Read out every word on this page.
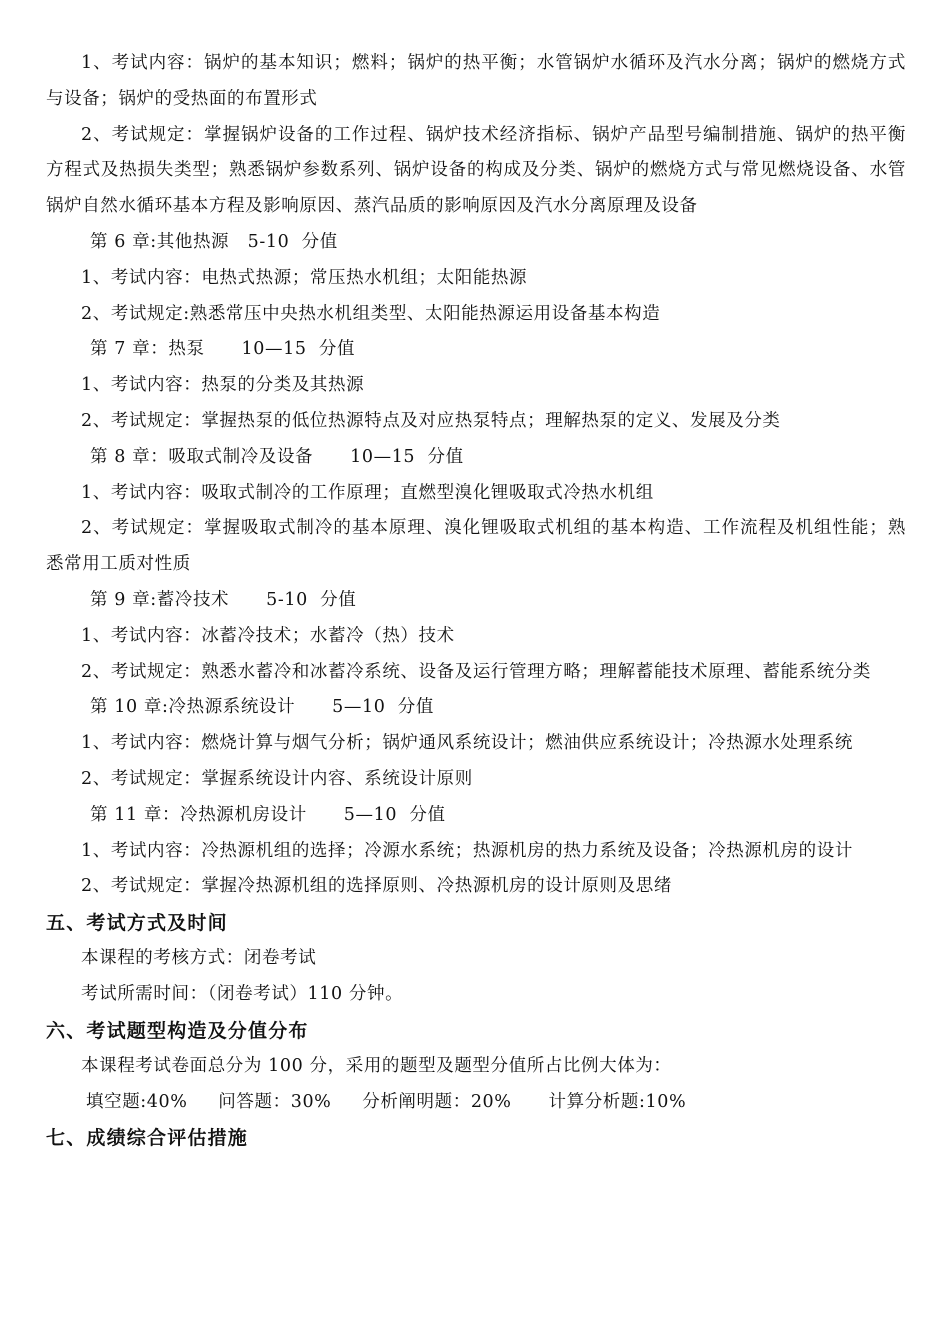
1、考试内容：锅炉的基本知识；燃料；锅炉的热平衡；水管锅炉水循环及汽水分离；锅炉的燃烧方式与设备；锅炉的受热面的布置形式

2、考试规定：掌握锅炉设备的工作过程、锅炉技术经济指标、锅炉产品型号编制措施、锅炉的热平衡方程式及热损失类型；熟悉锅炉参数系列、锅炉设备的构成及分类、锅炉的燃烧方式与常见燃烧设备、水管锅炉自然水循环基本方程及影响原因、蒸汽品质的影响原因及汽水分离原理及设备

第 6 章:其他热源   5-10  分值

1、考试内容：电热式热源；常压热水机组；太阳能热源

2、考试规定:熟悉常压中央热水机组类型、太阳能热源运用设备基本构造

第 7 章：热泵      10—15  分值

1、考试内容：热泵的分类及其热源

2、考试规定：掌握热泵的低位热源特点及对应热泵特点；理解热泵的定义、发展及分类

第 8 章：吸取式制冷及设备      10—15  分值

1、考试内容：吸取式制冷的工作原理；直燃型溴化锂吸取式冷热水机组

2、考试规定：掌握吸取式制冷的基本原理、溴化锂吸取式机组的基本构造、工作流程及机组性能；熟悉常用工质对性质

第 9 章:蓄冷技术      5-10  分值

1、考试内容：冰蓄冷技术；水蓄冷（热）技术

2、考试规定：熟悉水蓄冷和冰蓄冷系统、设备及运行管理方略；理解蓄能技术原理、蓄能系统分类

第 10 章:冷热源系统设计      5—10  分值

1、考试内容：燃烧计算与烟气分析；锅炉通风系统设计；燃油供应系统设计；冷热源水处理系统

2、考试规定：掌握系统设计内容、系统设计原则

第 11 章：冷热源机房设计      5—10  分值

1、考试内容：冷热源机组的选择；冷源水系统；热源机房的热力系统及设备；冷热源机房的设计

2、考试规定：掌握冷热源机组的选择原则、冷热源机房的设计原则及思绪

五、考试方式及时间

本课程的考核方式：闭卷考试

考试所需时间：（闭卷考试）110 分钟。

六、考试题型构造及分值分布

本课程考试卷面总分为 100 分，采用的题型及题型分值所占比例大体为：

填空题:40%     问答题：30%     分析阐明题：20%      计算分析题:10%

七、成绩综合评估措施
